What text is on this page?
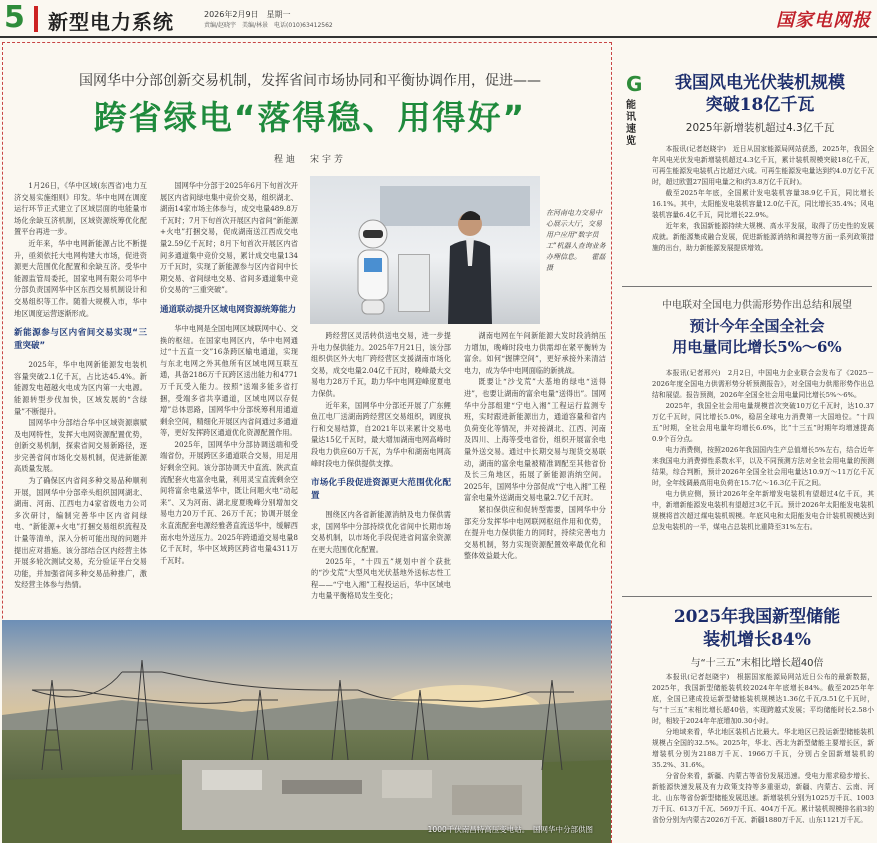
5 新型电力系统	2026年2月9日　星期一
责编/赵晓宇　美编/林景　电话(010)63412562	国家电网报
国网华中分部创新交易机制，发挥省间市场协同和平衡协调作用，促进——
跨省绿电“落得稳、用得好”
程迪　宋宇芳

1月26日，《华中区域(东西省)电力互济交易实施细则》印发。华中电网在调度运行环节正式建立了区域层面的电能量市场化余缺互济机制，区域资源统筹优化配置平台再进一步。

近年来，华中电网新能源占比不断提升，亟须依托大电网构建大市场，促进资源更大范围优化配置和余缺互济。受华中能源监管局委托，国家电网有限公司华中分部负责国网华中区东西交易机制设计和交易组织等工作。随着大规模入市，华中地区调度运营逐渐形成。

新能源参与区内省间交易实现“三重突破”

2025年，华中电网新能源发电装机容量突破2.1亿千瓦，占比达45.4%。新能源发电超越火电成为区内第一大电源。能源转型步伐加快，区域发展的“含绿量”不断提升。

国网华中分部结合华中区域资源禀赋及电网特性，发挥大电网资源配置优势，创新交易机制，探索省间交易新路径，逐步完善省间市场化交易机制，促进新能源高质量发展。

为了确保区内省间多种交易品种顺利开展，国网华中分部牵头组织国网湖北、湖南、河南、江西电力4家省级电力公司多次研讨，编制完善华中区内省间绿电、“新能源+火电”打捆交易组织流程及计量等清单，深入分析可能出现的问题并提出应对措施。该分部结合区内经营主体开展多轮次测试交易，充分验证平台交易功能，并加强省间多种交易品种推广，激发经营主体参与热情。

国网华中分部于2025年6月下旬首次开展区内省间绿电集中竞价交易，组织湖北、湖南14家市场主体参与，成交电量489.8万千瓦时；7月下旬首次开展区内省间“新能源+火电”打捆交易，促成湖南送江西成交电量2.59亿千瓦时；8月下旬首次开展区内省间多通道集中竞价交易，累计成交电量134万千瓦时，实现了新能源参与区内省间中长期交易、省间绿电交易、省间多通道集中竞价交易的“三重突破”。

通道联动提升区域电网资源统筹能力

华中电网是全国电网区域联网中心、交换的枢纽。在国家电网区内，华中电网通过“十五直一交”16条跨区输电通道，实现与东北电网之外其他所有区域电网互联互通，具备2186万千瓦跨区送出能力和4771万千瓦受入能力。按照“送端多能多省打捆，受端多省共享通道，区域电网以存促增”总体思路，国网华中分部统筹利用通道剩余空间，精细化开展区内省间通过多通道等，更好发挥跨区通道优化资源配置作用。

2025年，国网华中分部协调送端和受端省份，开展跨区多通道联合交易，用足用好剩余空间。该分部协调天中直流、陕武直流配套火电富余电量，利用灵宝直流剩余空间将富余电量送华中，既让问题火电“动起来”、又为河南、湖北度夏晚峰分别增加交易电力20万千瓦、26万千瓦；协调开展金永直流配套电源经雅砻直流送华中，缓解西南水电外送压力。2025年跨通道交易电量8亿千瓦时，华中区域跨区跨省电量4311万千瓦时。

在河南电力交易中心展示大厅，交易用户应用“数字员工”机器人查询业务办理信息。　　霍磊　摄

跨经营区灵活转供送电交易，进一步提升电力保供能力。2025年7月21日，该分部组织供区外大电厂跨经营区支援湖南市场化交易，成交电量2.04亿千瓦时，晚峰最大交易电力28万千瓦，助力华中电网迎峰度夏电力保供。

近年来，国网华中分部还开展了广东鲤鱼江电厂送湖南跨经营区交易组织，调度执行和交易结算，自2021年以来累计交易电量达15亿千瓦时，最大增加湖南电网高峰时段电力供应60万千瓦，为华中和湖南电网高峰时段电力保供提供支撑。

市场化手段促进资源更大范围优化配置

围绕区内各省新能源消纳及电力保供需求，国网华中分部持续优化省间中长期市场交易机制，以市场化手段促进省间富余资源在更大范围优化配置。

2025年，“十四五”规划中首个获批的“沙戈荒”大型风电光伏基地外送标志性工程——“宁电入湘”工程投运后，华中区域电力电量平衡格局发生变化；

湖南电网在午间新能源大发时段消纳压力增加，晚峰时段电力供需却在紧平衡转为富余。如何“握牌空间”，更好承接外来清洁电力，成为华中电网面临的新挑战。

既要让“沙戈荒”大基地的绿电“送得进”，也要让湖南的富余电量“送得出”。国网华中分部组建“宁电入湘”工程运行监测专班，实时跟进新能源出力，通道容量和省内负荷变化等情况，并对接湖北、江西、河南及四川、上海等受电省份，组织开展富余电量外送交易。通过中长期交易与现货交易联动，湖南的富余电量被精准调配至其他省份及长三角地区，拓展了新能源消纳空间。2025年，国网华中分部促成“宁电入湘”工程富余电量外送湖南交易电量2.7亿千瓦时。

紧扣保供应和促转型需要，国网华中分部充分发挥华中电网联网枢纽作用和优势，在提升电力保供能力的同时，持续完善电力交易机制，努力实现资源配置效率最优化和整体效益最大化。

1000千伏南昌特高压变电站。　国网华中分部供图
G
能讯速览
我国风电光伏装机规模
突破18亿千瓦
2025年新增装机超过4.3亿千瓦

本报讯(记者赵晓宇)　近日从国家能源局网站获悉，2025年，我国全年风电光伏发电新增装机超过4.3亿千瓦，累计装机规模突破18亿千瓦，可再生能源发电装机占比超过六成。可再生能源发电量达到约4.0万亿千瓦时，超过欧盟27国用电量之和(约3.8万亿千瓦时)。

截至2025年年底，全国累计发电装机容量38.9亿千瓦，同比增长16.1%。其中，太阳能发电装机容量12.0亿千瓦，同比增长35.4%；风电装机容量6.4亿千瓦，同比增长22.9%。

近年来，我国新能源持续大规模、高水平发展，取得了历史性的发展成就。新能源集成融合发展，促进新能源消纳和调控等方面一系列政策措施的出台，助力新能源发展提质增效。

中电联对全国电力供需形势作出总结和展望
预计今年全国全社会
用电量同比增长5%～6%

本报讯(记者邢兴)　2月2日，中国电力企业联合会发布了《2025－2026年度全国电力供需形势分析预测报告》，对全国电力供需形势作出总结和展望。报告预测，2026年全国全社会用电量同比增长5%～6%。

2025年，我国全社会用电量规模首次突破10万亿千瓦时，达10.37万亿千瓦时，同比增长5.0%，稳居全球电力消费第一大国地位。“十四五”时期，全社会用电量年均增长6.6%，比“十三五”时期年均增速提高0.9个百分点。

电力消费侧，按照2026年我国国内生产总值增长5%左右，结合近年来我国电力消费弹性系数水平，以及不同预测方法对全社会用电量的预测结果，综合判断，预计2026年全国全社会用电量达10.9万～11万亿千瓦时，全年线调最高用电负荷在15.7亿～16.3亿千瓦之间。

电力供应侧，预计2026年全年新增发电装机有望超过4亿千瓦，其中，新增新能源发电装机有望超过3亿千瓦。预计2026年太阳能发电装机规模将首次超过煤电装机规模。年底风电和太阳能发电合计装机规模达到总发电装机的一半，煤电占总装机比重降至31%左右。

2025年我国新型储能
装机增长84%
与“十三五”末相比增长超40倍

本报讯(记者赵晓宇)　根据国家能源局网站近日公布的最新数据，2025年，我国新型储能装机较2024年年底增长84%。截至2025年年底，全国已建成投运新型储能装机规模达1.36亿千瓦/3.51亿千瓦时，与“十三五”末相比增长超40倍，实现跨越式发展；平均储能时长2.58小时，相较于2024年年底增加0.30小时。

分地域来看，华北地区装机占比最大。华北地区已投运新型储能装机规模占全国的32.5%。2025年，华北、西北为新型储能主要增长区，新增装机分别为2188万千瓦、1966万千瓦，分别占全国新增装机的35.2%、31.6%。

分省份来看，新疆、内蒙古等省份发展迅速。受电力需求稳步增长、新能源快速发展及有力政策支持等多重驱动，新疆、内蒙古、云南、河北、山东等省份新型储能发展迅速。新增装机分别为1025万千瓦、1003万千瓦、613万千瓦、569万千瓦、404万千瓦。累计装机规模排名前3的省份分别为内蒙古2026万千瓦、新疆1880万千瓦、山东1121万千瓦。
